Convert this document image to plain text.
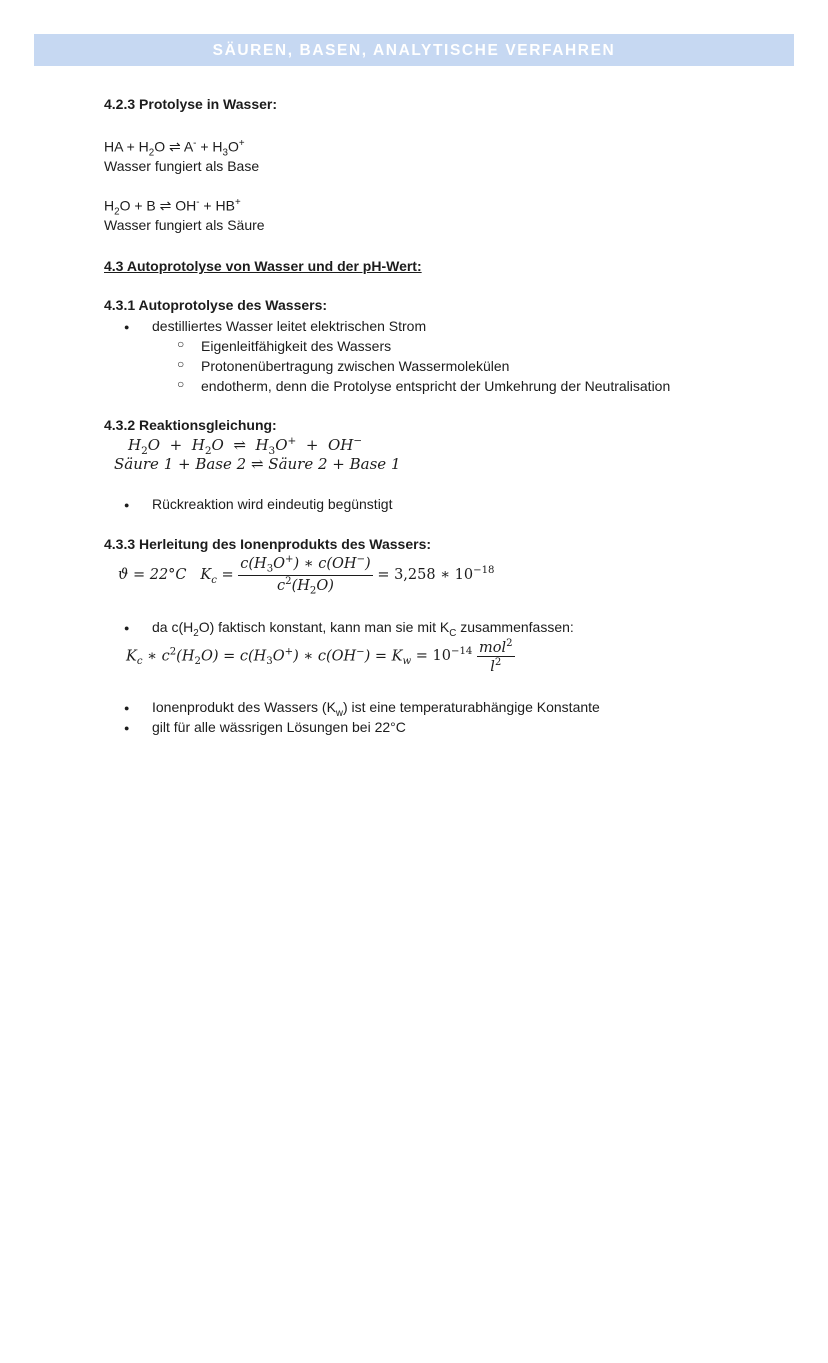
SÄUREN, BASEN, ANALYTISCHE VERFAHREN
4.2.3 Protolyse in Wasser:
HA + $H_2O$ ⇌ $A^- + H_3O^+$
Wasser fungiert als Base
$H_2O + B$ ⇌ OH- + HB+
Wasser fungiert als Säure
4.3 Autoprotolyse von Wasser und der pH-Wert:
4.3.1 Autoprotolyse des Wassers:
● destilliertes Wasser leitet elektrischen Strom
○ Eigenleitfähigkeit des Wassers
○ Protonenübertragung zwischen Wassermolekülen
○ endotherm, denn die Protolyse entspricht der Umkehrung der Neutralisation
4.3.2 Reaktionsgleichung:
$H_2O + H_2O$  ⇌  $H_3O^+ + OH^-$
Säure 1 + Base 2 ⇌ Säure 2 + Base 1
● Rückreaktion wird eindeutig begünstigt
4.3.3 Herleitung des Ionenprodukts des Wassers:
ϑ = 22°C   $K_c = \frac{c(H_3O^+) ∗ c(OH^-)}{c^2(H_2O)} = 3,258$ ∗ $10^{-18}$
● da $c(H_2O)$ faktisch konstant, kann man sie mit $K_C$ zusammenfassen:
$K_c$ ∗ $c^2(H_2O) = c(H_3O^+)$ ∗ $c(OH^-) = K_w = 10^{-14} \frac{mol^2}{l^2}$
● Ionenprodukt des Wassers $(K_w)$ ist eine temperaturabhängige Konstante
● gilt für alle wässrigen Lösungen bei 22°C
